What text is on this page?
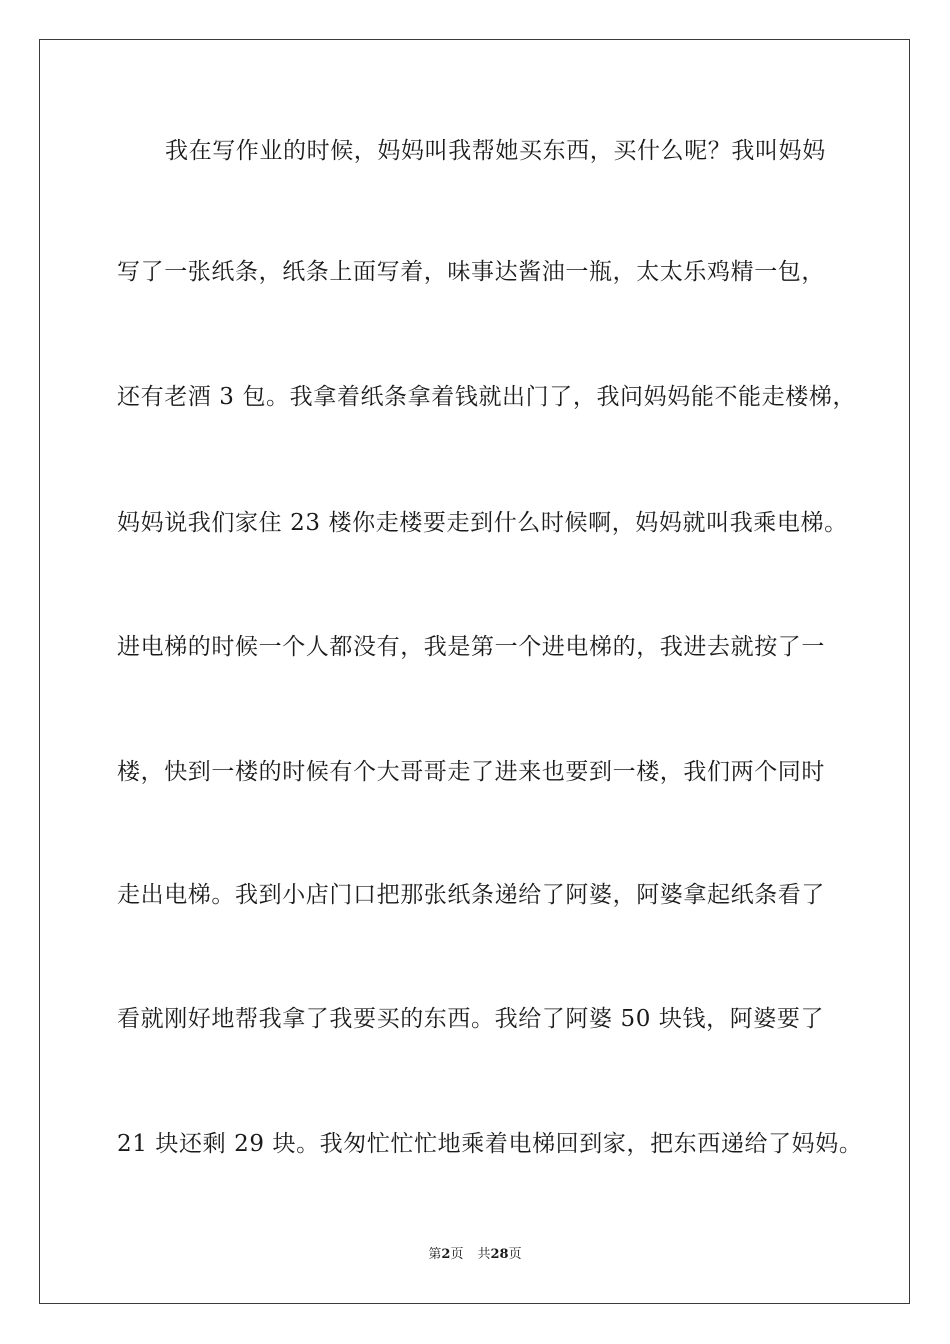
我在写作业的时候，妈妈叫我帮她买东西，买什么呢？我叫妈妈
写了一张纸条，纸条上面写着，味事达酱油一瓶，太太乐鸡精一包，
还有老酒 3 包。我拿着纸条拿着钱就出门了，我问妈妈能不能走楼梯，
妈妈说我们家住 23 楼你走楼要走到什么时候啊，妈妈就叫我乘电梯。
进电梯的时候一个人都没有，我是第一个进电梯的，我进去就按了一
楼，快到一楼的时候有个大哥哥走了进来也要到一楼，我们两个同时
走出电梯。我到小店门口把那张纸条递给了阿婆，阿婆拿起纸条看了
看就刚好地帮我拿了我要买的东西。我给了阿婆 50 块钱，阿婆要了
21 块还剩 29 块。我匆忙忙忙地乘着电梯回到家，把东西递给了妈妈。
第2页 共28页
